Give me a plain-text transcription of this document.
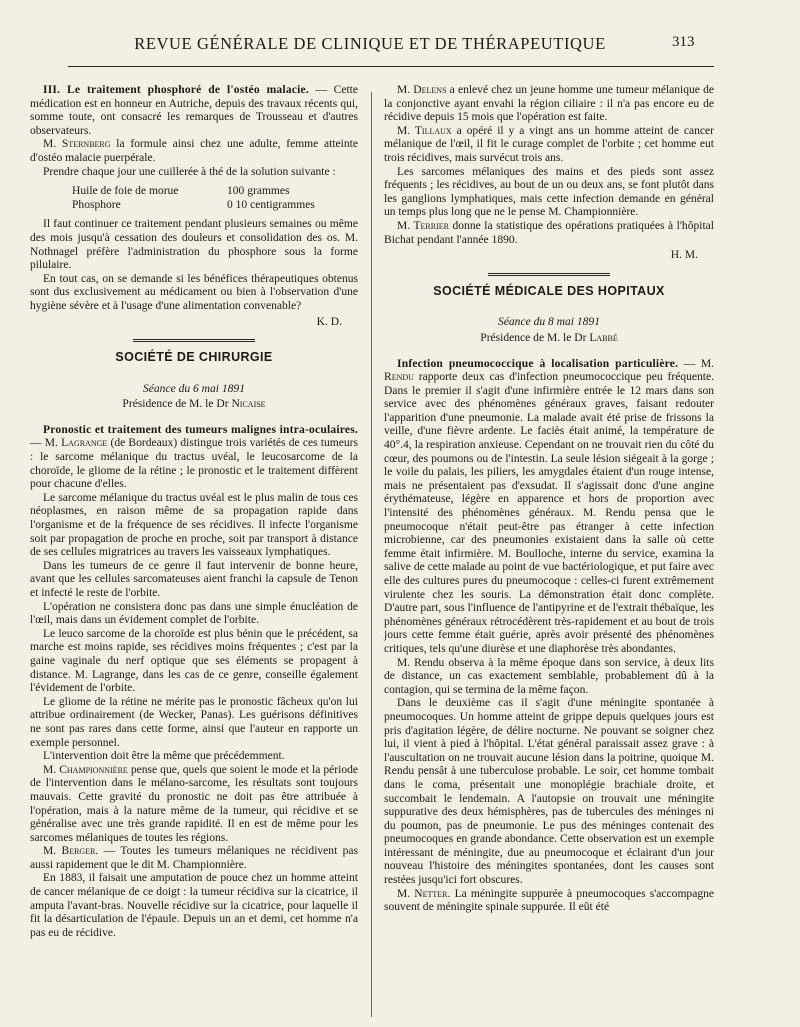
REVUE GÉNÉRALE DE CLINIQUE ET DE THÉRAPEUTIQUE	313

III. Le traitement phosphoré de l'ostéo malacie. — Cette médication est en honneur en Autriche, depuis des travaux récents qui, somme toute, ont consacré les remarques de Trousseau et d'autres observateurs.

M. Sternberg la formule ainsi chez une adulte, femme atteinte d'ostéo malacie puerpérale.

Prendre chaque jour une cuillerée à thé de la solution suivante :

Huile de foie de morue	100 grammes
Phosphore	0 10 centigrammes

Il faut continuer ce traitement pendant plusieurs semaines ou même des mois jusqu'à cessation des douleurs et consolidation des os. M. Nothnagel préfère l'administration du phosphore sous la forme pilulaire.

En tout cas, on se demande si les bénéfices thérapeutiques obtenus sont dus exclusivement au médicament ou bien à l'observation d'une hygiène sévère et à l'usage d'une alimentation convenable?

K. D.

SOCIÉTÉ DE CHIRURGIE
Séance du 6 mai 1891
Présidence de M. le Dr Nicaise

Pronostic et traitement des tumeurs malignes intra-oculaires. — M. Lagrange (de Bordeaux) distingue trois variétés de ces tumeurs : le sarcome mélanique du tractus uvéal, le leucosarcome de la choroïde, le gliome de la rétine ; le pronostic et le traitement diffèrent pour chacune d'elles.

Le sarcome mélanique du tractus uvéal est le plus malin de tous ces néoplasmes, en raison même de sa propagation rapide dans l'organisme et de la fréquence de ses récidives. Il infecte l'organisme soit par propagation de proche en proche, soit par transport à distance de ses cellules migratrices au travers les vaisseaux lymphatiques.

Dans les tumeurs de ce genre il faut intervenir de bonne heure, avant que les cellules sarcomateuses aient franchi la capsule de Tenon et infecté le reste de l'orbite.

L'opération ne consistera donc pas dans une simple énucléation de l'œil, mais dans un évidement complet de l'orbite.

Le leuco sarcome de la choroïde est plus bénin que le précédent, sa marche est moins rapide, ses récidives moins fréquentes ; c'est par la gaine vaginale du nerf optique que ses éléments se propagent à distance. M. Lagrange, dans les cas de ce genre, conseille également l'évidement de l'orbite.

Le gliome de la rétine ne mérite pas le pronostic fâcheux qu'on lui attribue ordinairement (de Wecker, Panas). Les guérisons définitives ne sont pas rares dans cette forme, ainsi que l'auteur en rapporte un exemple personnel.

L'intervention doit être la même que précédemment.

M. Championnière pense que, quels que soient le mode et la période de l'intervention dans le mélano-sarcome, les résultats sont toujours mauvais. Cette gravité du pronostic ne doit pas être attribuée à l'opération, mais à la nature même de la tumeur, qui récidive et se généralise avec une très grande rapidité. Il en est de même pour les sarcomes mélaniques de toutes les régions.

M. Berger. — Toutes les tumeurs mélaniques ne récidivent pas aussi rapidement que le dit M. Championnière.

En 1883, il faisait une amputation de pouce chez un homme atteint de cancer mélanique de ce doigt : la tumeur récidiva sur la cicatrice, il amputa l'avant-bras. Nouvelle récidive sur la cicatrice, pour laquelle il fit la désarticulation de l'épaule. Depuis un an et demi, cet homme n'a pas eu de récidive.

M. Delens a enlevé chez un jeune homme une tumeur mélanique de la conjonctive ayant envahi la région ciliaire : il n'a pas encore eu de récidive depuis 15 mois que l'opération est faite.

M. Tillaux a opéré il y a vingt ans un homme atteint de cancer mélanique de l'œil, il fit le curage complet de l'orbite ; cet homme eut trois récidives, mais survécut trois ans.

Les sarcomes mélaniques des mains et des pieds sont assez fréquents ; les récidives, au bout de un ou deux ans, se font plutôt dans les ganglions lymphatiques, mais cette infection demande en général un temps plus long que ne le pense M. Championnière.

M. Terrier donne la statistique des opérations pratiquées à l'hôpital Bichat pendant l'année 1890.

H. M.

SOCIÉTÉ MÉDICALE DES HOPITAUX
Séance du 8 mai 1891
Présidence de M. le Dr Labbé

Infection pneumococcique à localisation particulière. — M. Rendu rapporte deux cas d'infection pneumococcique peu fréquente. Dans le premier il s'agit d'une infirmière entrée le 12 mars dans son service avec des phénomènes généraux graves, faisant redouter l'apparition d'une pneumonie. La malade avait été prise de frissons la veille, d'une fièvre ardente. Le faciès était animé, la température de 40°.4, la respiration anxieuse. Cependant on ne trouvait rien du côté du cœur, des poumons ou de l'intestin. La seule lésion siégeait à la gorge ; le voile du palais, les piliers, les amygdales étaient d'un rouge intense, mais ne présentaient pas d'exsudat. Il s'agissait donc d'une angine érythémateuse, légère en apparence et hors de proportion avec l'intensité des phénomènes généraux. M. Rendu pensa que le pneumocoque n'était peut-être pas étranger à cette infection microbienne, car des pneumonies existaient dans la salle où cette femme était infirmière. M. Boulloche, interne du service, examina la salive de cette malade au point de vue bactériologique, et put faire avec elle des cultures pures du pneumocoque : celles-ci furent extrêmement virulente chez les souris. La démonstration était donc complète. D'autre part, sous l'influence de l'antipyrine et de l'extrait thébaïque, les phénomènes généraux rétrocédèrent très-rapidement et au bout de trois jours cette femme était guérie, après avoir présenté des phénomènes critiques, tels qu'une diurèse et une diaphorèse très abondantes.

M. Rendu observa à la même époque dans son service, à deux lits de distance, un cas exactement semblable, probablement dû à la contagion, qui se termina de la même façon.

Dans le deuxième cas il s'agit d'une méningite spontanée à pneumocoques. Un homme atteint de grippe depuis quelques jours est pris d'agitation légère, de délire nocturne. Ne pouvant se soigner chez lui, il vient à pied à l'hôpital. L'état général paraissait assez grave : à l'auscultation on ne trouvait aucune lésion dans la poitrine, quoique M. Rendu pensât à une tuberculose probable. Le soir, cet homme tombait dans le coma, présentait une monoplégie brachiale droite, et succombait le lendemain. A l'autopsie on trouvait une méningite suppurative des deux hémisphères, pas de tubercules des méninges ni du poumon, pas de pneumonie. Le pus des méninges contenait des pneumocoques en grande abondance. Cette observation est un exemple intéressant de méningite, due au pneumocoque et éclairant d'un jour nouveau l'histoire des méningites spontanées, dont les causes sont restées jusqu'ici fort obscures.

M. Netter. La méningite suppurée à pneumocoques s'accompagne souvent de méningite spinale suppurée. Il eût été
